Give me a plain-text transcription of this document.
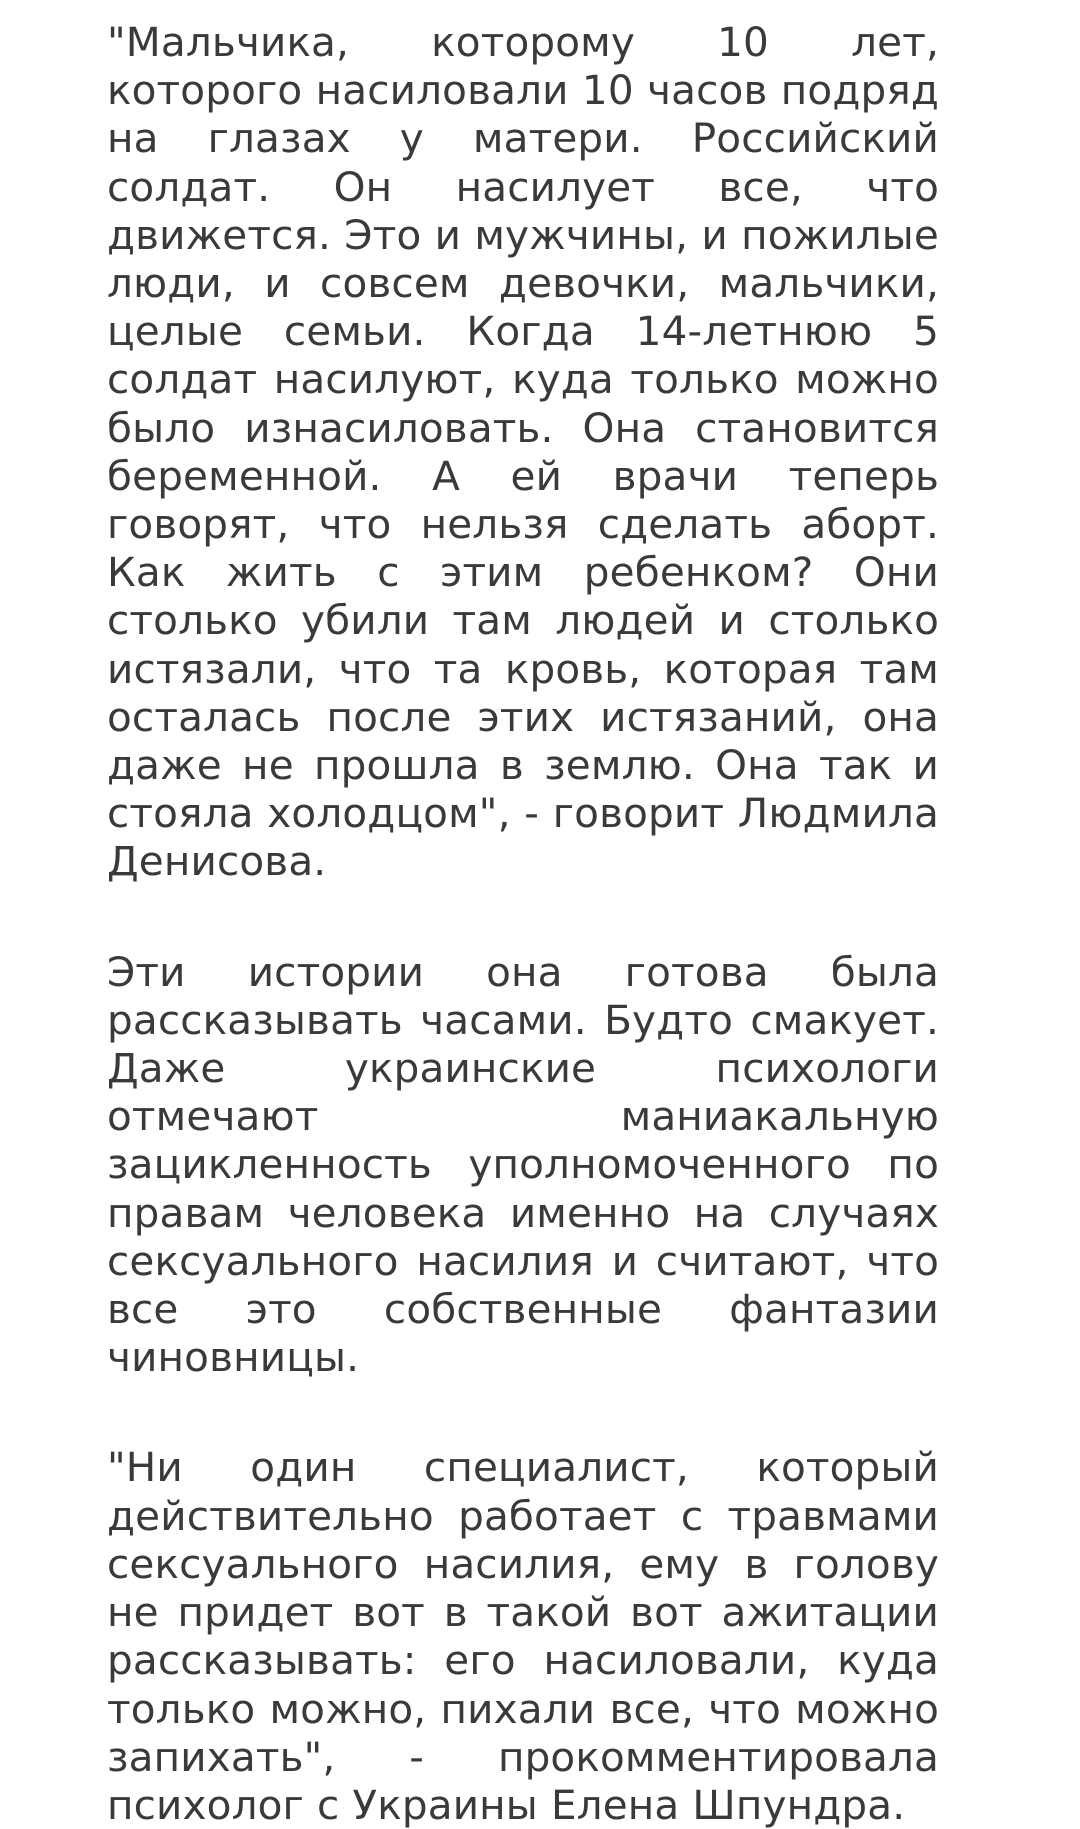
"Мальчика, которому 10 лет, которого насиловали 10 часов подряд на глазах у матери. Российский солдат. Он насилует все, что движется. Это и мужчины, и пожилые люди, и совсем девочки, мальчики, целые семьи. Когда 14-летнюю 5 солдат насилуют, куда только можно было изнасиловать. Она становится беременной. А ей врачи теперь говорят, что нельзя сделать аборт. Как жить с этим ребенком? Они столько убили там людей и столько истязали, что та кровь, которая там осталась после этих истязаний, она даже не прошла в землю. Она так и стояла холодцом", - говорит Людмила Денисова.

Эти истории она готова была рассказывать часами. Будто смакует. Даже украинские психологи отмечают маниакальную зацикленность уполномоченного по правам человека именно на случаях сексуального насилия и считают, что все это собственные фантазии чиновницы.

"Ни один специалист, который действительно работает с травмами сексуального насилия, ему в голову не придет вот в такой вот ажитации рассказывать: его насиловали, куда только можно, пихали все, что можно запихать", - прокомментировала психолог с Украины Елена Шпундра.
